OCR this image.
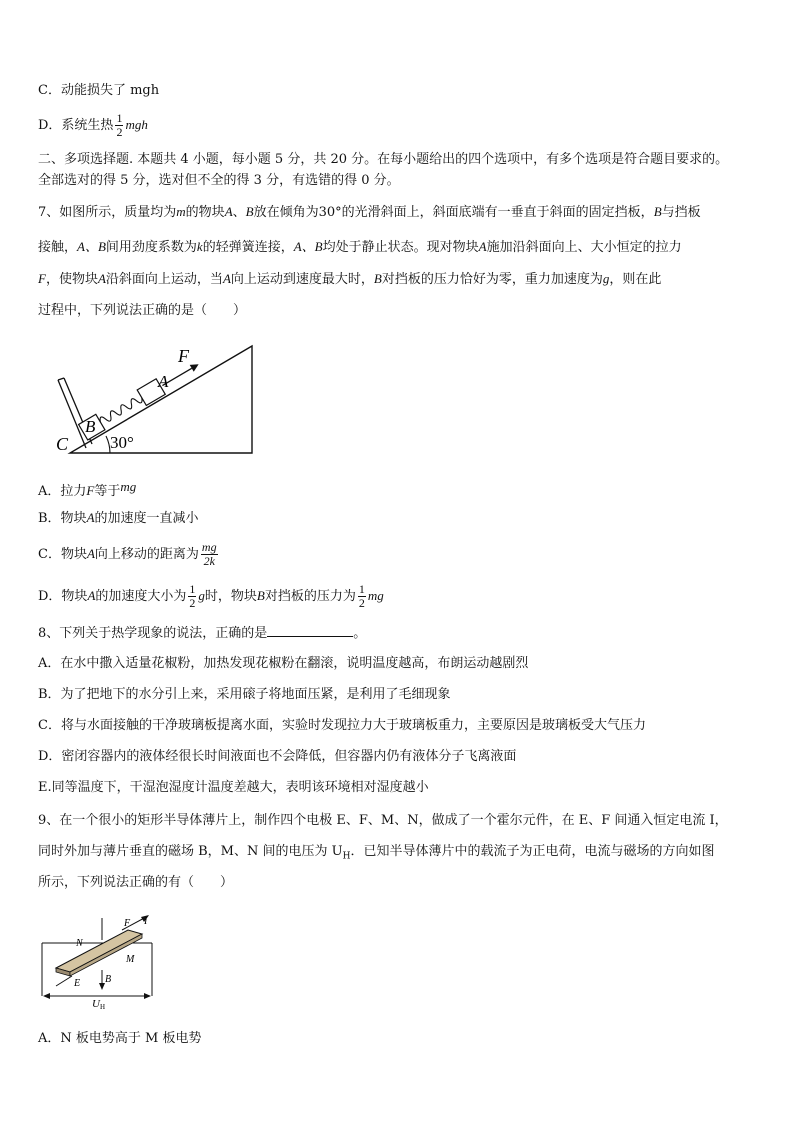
C．动能损失了 mgh
D．系统生热 $\frac{1}{2}$ mgh
二、多项选择题. 本题共 4 小题，每小题 5 分，共 20 分。在每小题给出的四个选项中，有多个选项是符合题目要求的。
全部选对的得 5 分，选对但不全的得 3 分，有选错的得 0 分。
7、如图所示，质量均为m的物块A、B放在倾角为30°的光滑斜面上，斜面底端有一垂直于斜面的固定挡板，B与挡板
接触，A、B间用劲度系数为k的轻弹簧连接，A、B均处于静止状态。现对物块A施加沿斜面向上、大小恒定的拉力
F，使物块A沿斜面向上运动，当A向上运动到速度最大时，B对挡板的压力恰好为零，重力加速度为g，则在此
过程中，下列说法正确的是（　　）
F
A
B
C 30°
A．拉力F等于mg
B．物块A的加速度一直减小
C．物块A向上移动的距离为 $\frac{mg}{2k}$
D．物块A的加速度大小为 $\frac{1}{2}$ g时，物块B对挡板的压力为 $\frac{1}{2}$ mg
8、下列关于热学现象的说法，正确的是	。
A．在水中撒入适量花椒粉，加热发现花椒粉在翻滚，说明温度越高，布朗运动越剧烈
B．为了把地下的水分引上来，采用磙子将地面压紧，是利用了毛细现象
C．将与水面接触的干净玻璃板提离水面，实验时发现拉力大于玻璃板重力，主要原因是玻璃板受大气压力
D．密闭容器内的液体经很长时间液面也不会降低，但容器内仍有液体分子飞离液面
E.同等温度下，干湿泡湿度计温度差越大，表明该环境相对湿度越小
9、在一个很小的矩形半导体薄片上，制作四个电极 E、F、M、N，做成了一个霍尔元件，在 E、F 间通入恒定电流 I，
同时外加与薄片垂直的磁场 B，M、N 间的电压为 $U_H$．已知半导体薄片中的载流子为正电荷，电流与磁场的方向如图
所示，下列说法正确的有（　　）
F I
N
M
B
E
UH
A．N 板电势高于 M 板电势
